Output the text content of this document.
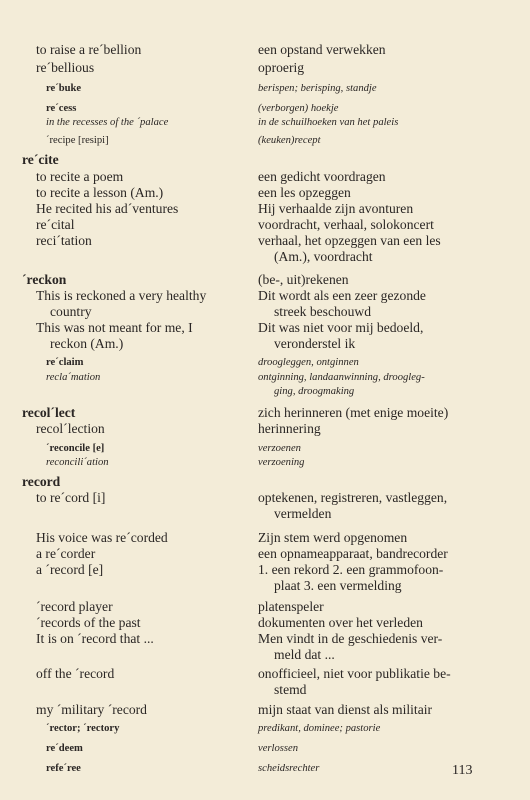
to raise a re´bellion	een opstand verwekken
re´bellious	oproerig
re´buke	berispen; berisping, standje
re´cess	(verborgen) hoekje
in the recesses of the ´palace	in de schuilhoeken van het paleis
´recipe [resipi]	(keuken)recept
re´cite
to recite a poem	een gedicht voordragen
to recite a lesson (Am.)	een les opzeggen
He recited his ad´ventures	Hij verhaalde zijn avonturen
re´cital	voordracht, verhaal, solokoncert
reci´tation	verhaal, het opzeggen van een les
(Am.), voordracht
´reckon	(be-, uit)rekenen
This is reckoned a very healthy	Dit wordt als een zeer gezonde
country	streek beschouwd
This was not meant for me, I	Dit was niet voor mij bedoeld,
reckon (Am.)	veronderstel ik
re´claim	droogleggen, ontginnen
recla´mation	ontginning, landaanwinning, droogleg-
ging, droogmaking
recol´lect	zich herinneren (met enige moeite)
recol´lection	herinnering
´reconcile [e]	verzoenen
reconcili´ation	verzoening
record
to re´cord [i]	optekenen, registreren, vastleggen,
vermelden
His voice was re´corded	Zijn stem werd opgenomen
a re´corder	een opnameapparaat, bandrecorder
a ´record [e]	1. een rekord 2. een grammofoon-
plaat 3. een vermelding
´record player	platenspeler
´records of the past	dokumenten over het verleden
It is on ´record that ...	Men vindt in de geschiedenis ver-
meld dat ...
off the ´record	onofficieel, niet voor publikatie be-
stemd
my ´military ´record	mijn staat van dienst als militair
´rector; ´rectory	predikant, dominee; pastorie
re´deem	verlossen
refe´ree	scheidsrechter	113
